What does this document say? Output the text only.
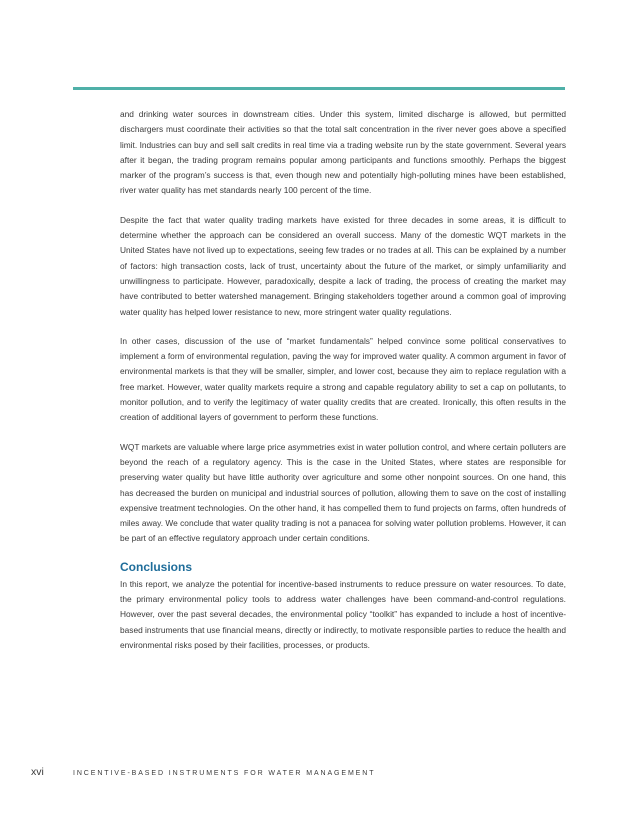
and drinking water sources in downstream cities. Under this system, limited discharge is allowed, but permitted dischargers must coordinate their activities so that the total salt concentration in the river never goes above a specified limit. Industries can buy and sell salt credits in real time via a trading website run by the state government. Several years after it began, the trading program remains popular among participants and functions smoothly. Perhaps the biggest marker of the program’s success is that, even though new and potentially high-polluting mines have been established, river water quality has met standards nearly 100 percent of the time.

Despite the fact that water quality trading markets have existed for three decades in some areas, it is difficult to determine whether the approach can be considered an overall success. Many of the domestic WQT markets in the United States have not lived up to expectations, seeing few trades or no trades at all. This can be explained by a number of factors: high transaction costs, lack of trust, uncertainty about the future of the market, or simply unfamiliarity and unwillingness to participate. However, paradoxically, despite a lack of trading, the process of creating the market may have contributed to better watershed management. Bringing stakeholders together around a common goal of improving water quality has helped lower resistance to new, more stringent water quality regulations.

In other cases, discussion of the use of “market fundamentals” helped convince some political conservatives to implement a form of environmental regulation, paving the way for improved water quality. A common argument in favor of environmental markets is that they will be smaller, simpler, and lower cost, because they aim to replace regulation with a free market. However, water quality markets require a strong and capable regulatory ability to set a cap on pollutants, to monitor pollution, and to verify the legitimacy of water quality credits that are created. Ironically, this often results in the creation of additional layers of government to perform these functions.

WQT markets are valuable where large price asymmetries exist in water pollution control, and where certain polluters are beyond the reach of a regulatory agency. This is the case in the United States, where states are responsible for preserving water quality but have little authority over agriculture and some other nonpoint sources. On one hand, this has decreased the burden on municipal and industrial sources of pollution, allowing them to save on the cost of installing expensive treatment technologies. On the other hand, it has compelled them to fund projects on farms, often hundreds of miles away. We conclude that water quality trading is not a panacea for solving water pollution problems. However, it can be part of an effective regulatory approach under certain conditions.

Conclusions

In this report, we analyze the potential for incentive-based instruments to reduce pressure on water resources. To date, the primary environmental policy tools to address water challenges have been command-and-control regulations. However, over the past several decades, the environmental policy “toolkit” has expanded to include a host of incentive-based instruments that use financial means, directly or indirectly, to motivate responsible parties to reduce the health and environmental risks posed by their facilities, processes, or products.

xvi	INCENTIVE-BASED INSTRUMENTS FOR WATER MANAGEMENT
